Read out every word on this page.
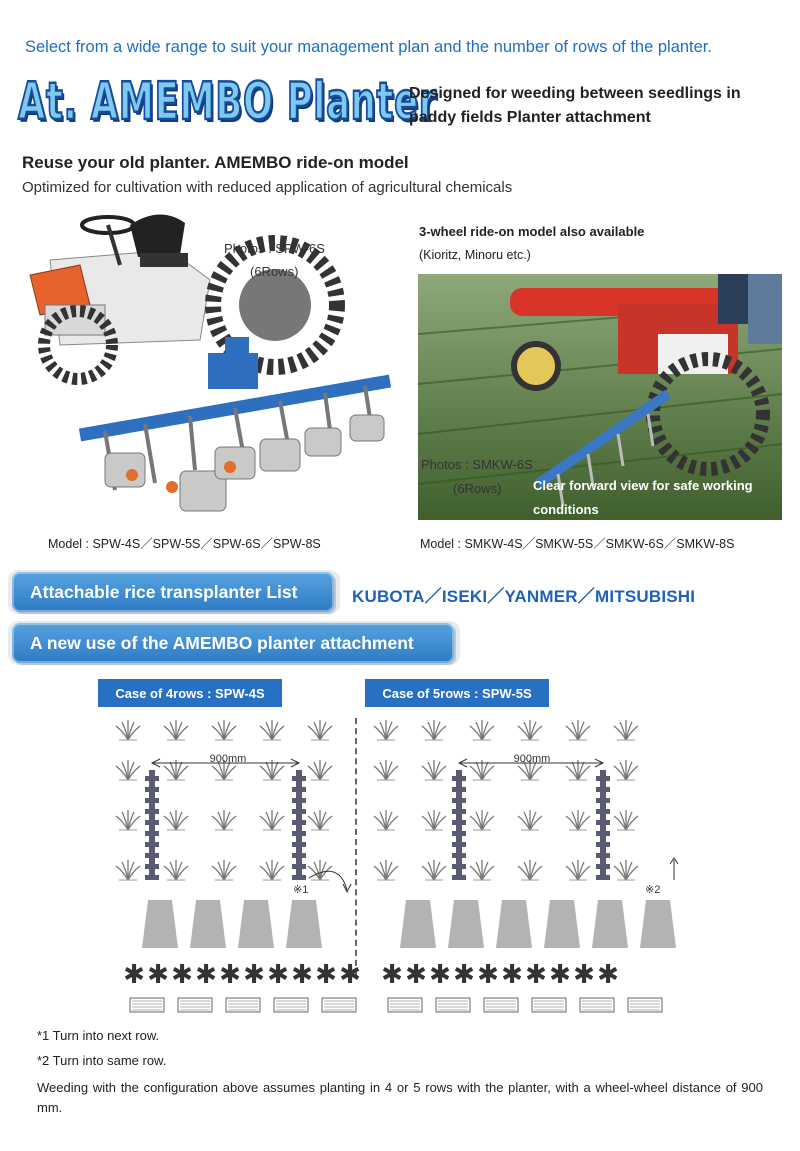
Select from a wide range to suit your management plan and the number of rows of the planter.
At. AMEMBO Planter
Designed for weeding between seedlings in
paddy fields Planter attachment
Reuse your old planter. AMEMBO ride-on model
Optimized for cultivation with reduced application of agricultural chemicals
Photos : SPW-6S
(6Rows)
Model : SPW-4S／SPW-5S／SPW-6S／SPW-8S
3-wheel ride-on model also available
(Kioritz, Minoru etc.)
Photos : SMKW-6S
(6Rows) Clear forward view for safe working
conditions
Model : SMKW-4S／SMKW-5S／SMKW-6S／SMKW-8S
Attachable rice transplanter List	KUBOTA／ISEKI／YANMER／MITSUBISHI
A new use of the AMEMBO planter attachment
Case of 4rows : SPW-4S	Case of 5rows : SPW-5S
✱ ✱ ✱ ✱ ✱ ✱ ✱ ✱ ✱ ✱ ✱ ✱ ✱ ✱ ✱ ✱ ✱ ✱ ✱ ✱
900mm	900mm
※1	※2
*1 Turn into next row.
*2 Turn into same row.
Weeding with the configuration above assumes planting in 4 or 5 rows with the planter, with a wheel-wheel distance of 900 mm.
